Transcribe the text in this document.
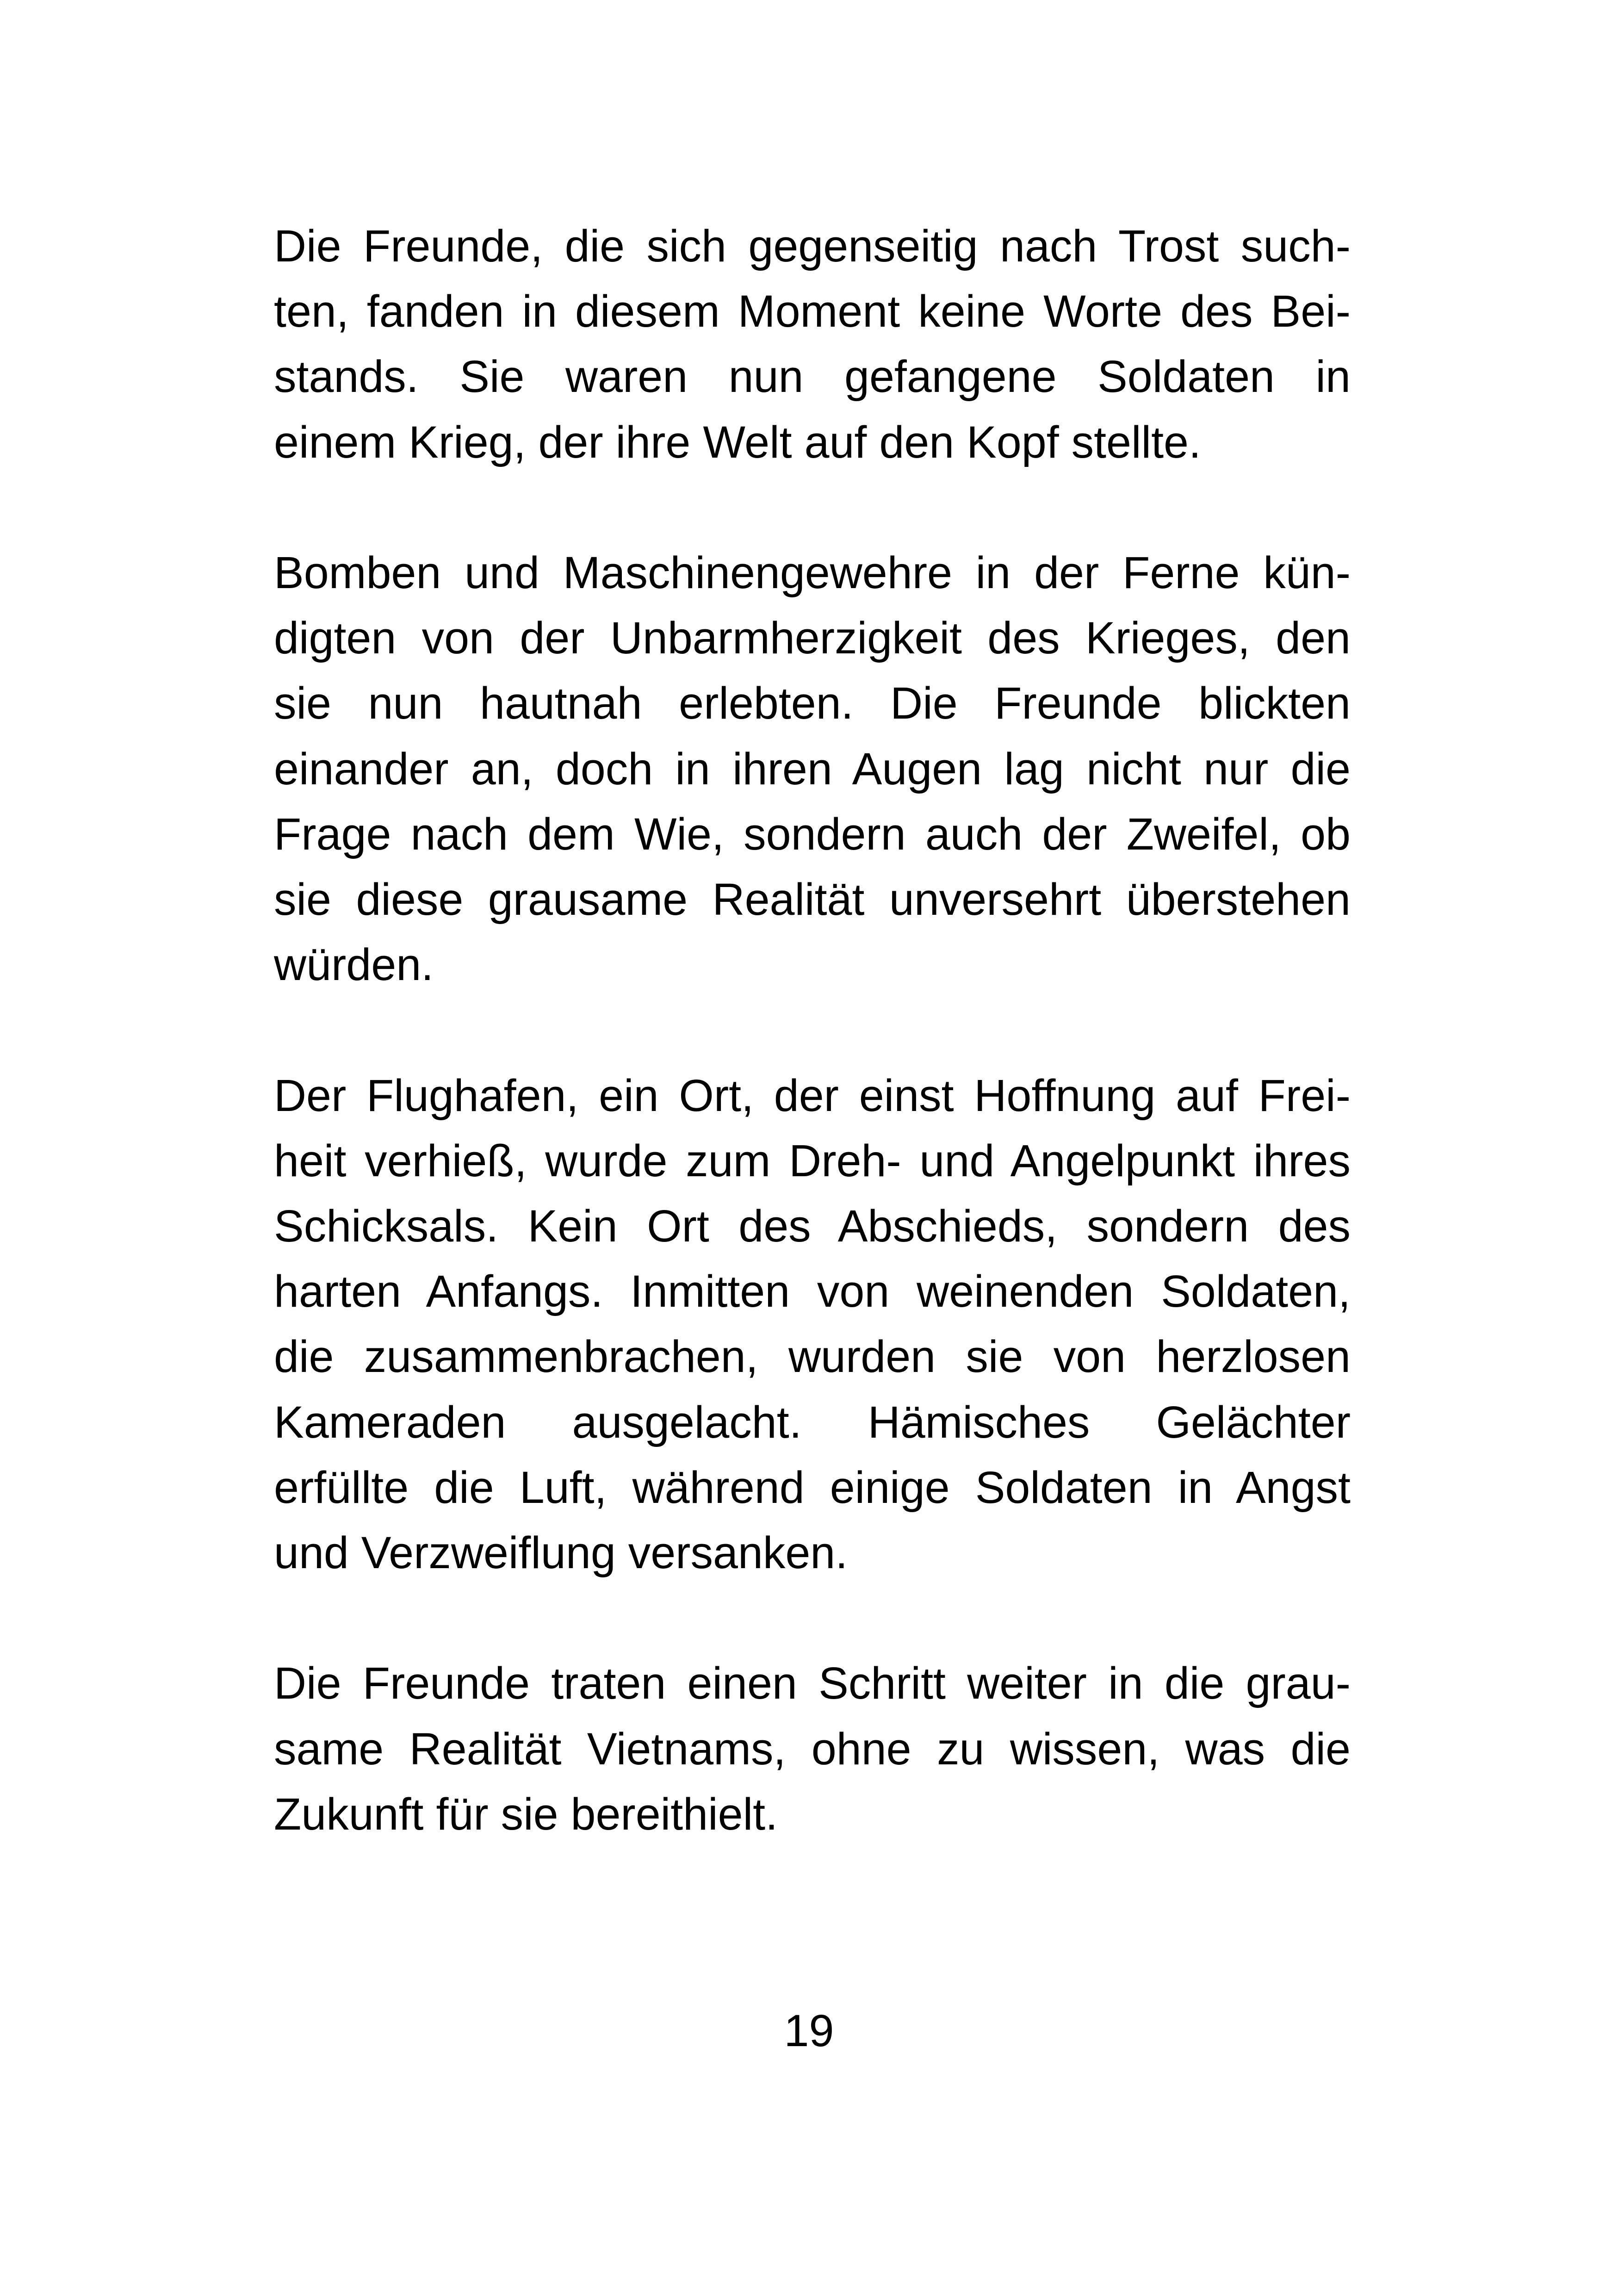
Die Freunde, die sich gegenseitig nach Trost such-
ten, fanden in diesem Moment keine Worte des Bei-
stands. Sie waren nun gefangene Soldaten in
einem Krieg, der ihre Welt auf den Kopf stellte.

Bomben und Maschinengewehre in der Ferne kün-
digten von der Unbarmherzigkeit des Krieges, den
sie nun hautnah erlebten. Die Freunde blickten
einander an, doch in ihren Augen lag nicht nur die
Frage nach dem Wie, sondern auch der Zweifel, ob
sie diese grausame Realität unversehrt überstehen
würden.

Der Flughafen, ein Ort, der einst Hoffnung auf Frei-
heit verhieß, wurde zum Dreh- und Angelpunkt ihres
Schicksals. Kein Ort des Abschieds, sondern des
harten Anfangs. Inmitten von weinenden Soldaten,
die zusammenbrachen, wurden sie von herzlosen
Kameraden ausgelacht. Hämisches Gelächter
erfüllte die Luft, während einige Soldaten in Angst
und Verzweiflung versanken.

Die Freunde traten einen Schritt weiter in die grau-
same Realität Vietnams, ohne zu wissen, was die
Zukunft für sie bereithielt.

19
